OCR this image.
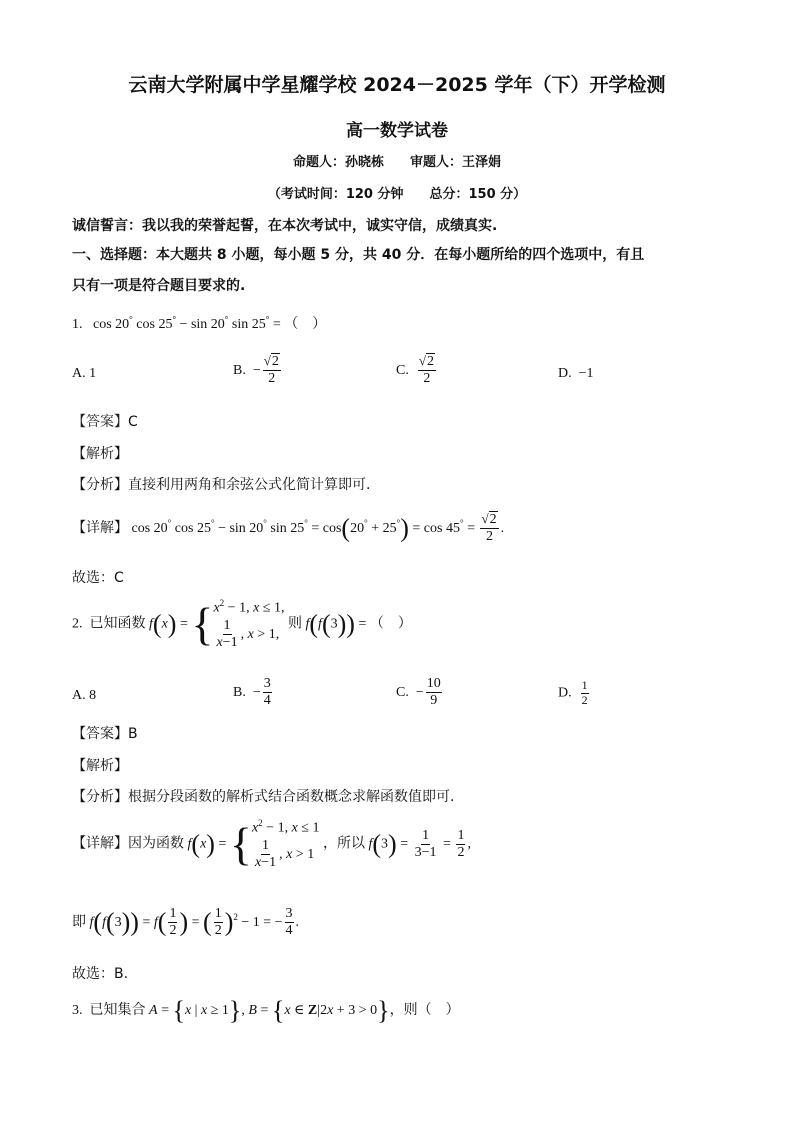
云南大学附属中学星耀学校 2024－2025 学年（下）开学检测
高一数学试卷
命题人：孙晓栋　　审题人：王泽娟
（考试时间：120 分钟　　总分：150 分）
诚信誓言：我以我的荣誉起誓，在本次考试中，诚实守信，成绩真实.
一、选择题：本大题共 8 小题，每小题 5 分，共 40 分．在每小题所给的四个选项中，有且
只有一项是符合题目要求的.
1.   cos 20° cos 25° − sin 20° sin 25° = （　）
A. 1	B.  − $\frac{√2}{2}$	C. $\frac{√2}{2}$	D.  −1
【答案】C
【解析】
【分析】直接利用两角和余弦公式化简计算即可.
【详解】 cos 20° cos 25° − sin 20° $\sin 25^\circ = \cos(20^\circ + 25^\circ) = \cos 45^\circ = \frac{√2}{2}$ .
故选：C
2. 已知函数 f(x) = { $x^2 - 1$, x ≤ 1,
$\frac{1}{x-1}$ , x > 1,
则 f(f(3)) = （　）
A. 8	B.  − $\frac{3}{4}$	C.  − $\frac{10}{9}$	D. $\frac{1}{2}$
【答案】B
【解析】
【分析】根据分段函数的解析式结合函数概念求解函数值即可.
【详解】因为函数 f(x) = { $x^2 - 1$, x ≤ 1
$\frac{1}{x-1}$ , x > 1
，所以 $f(3) = \frac{1}{3-1} = \frac{1}{2}$ ,
即 $f(f(3)) = f( \frac{1}{2}$ ) = ( $\frac{1}{2} )^2 - 1$ = − $\frac{3}{4}$ .
故选：B.
3. 已知集合 A = {x | x ≥ 1}, B = {x ∈ Z|2x + 3 > 0}，则（　）
